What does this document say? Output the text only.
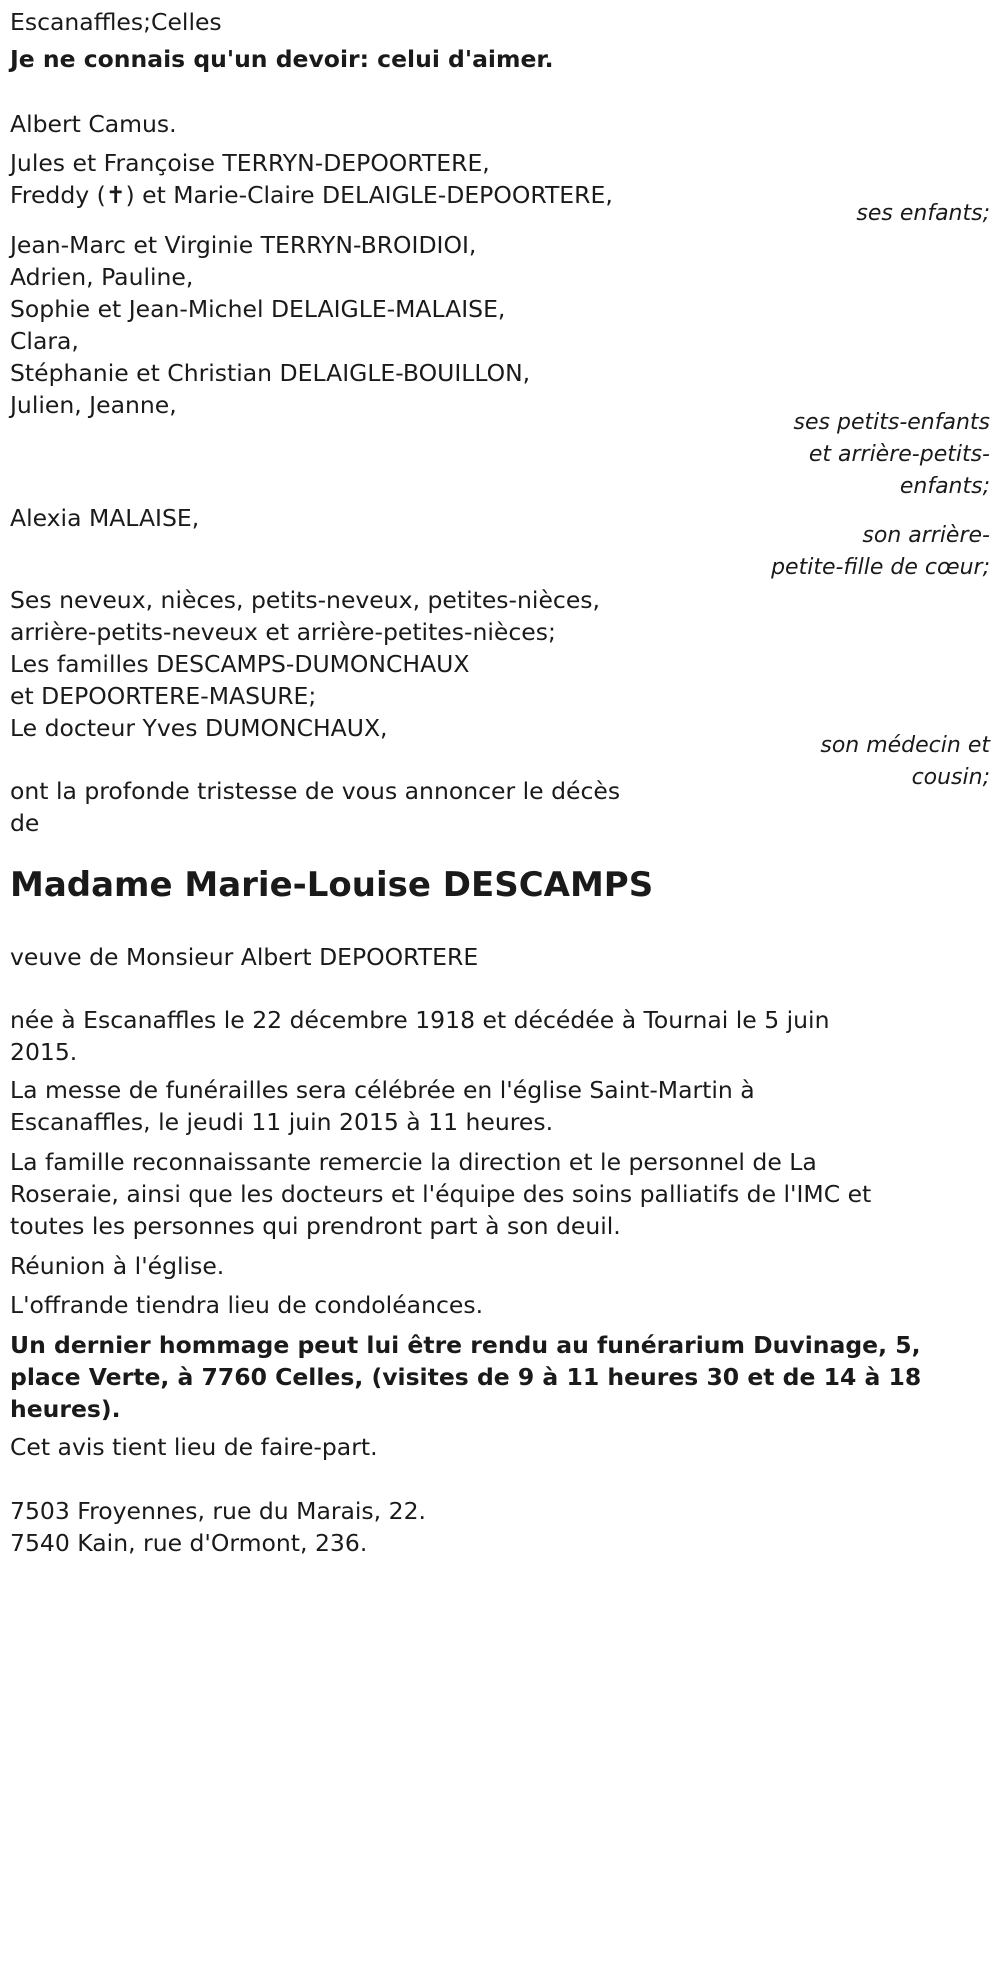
Escanaffles;Celles
Je ne connais qu'un devoir: celui d'aimer.
Albert Camus.
Jules et Françoise TERRYN-DEPOORTERE,
Freddy (✝) et Marie-Claire DELAIGLE-DEPOORTERE,
ses enfants;
Jean-Marc et Virginie TERRYN-BROIDIOI,
Adrien, Pauline,
Sophie et Jean-Michel DELAIGLE-MALAISE,
Clara,
Stéphanie et Christian DELAIGLE-BOUILLON,
Julien, Jeanne,
ses petits-enfants
et arrière-petits-
enfants;
Alexia MALAISE,
son arrière-
petite-fille de cœur;
Ses neveux, nièces, petits-neveux, petites-nièces,
arrière-petits-neveux et arrière-petites-nièces;
Les familles DESCAMPS-DUMONCHAUX
et DEPOORTERE-MASURE;
Le docteur Yves DUMONCHAUX,
son médecin et
cousin;
ont la profonde tristesse de vous annoncer le décès
de
Madame Marie-Louise DESCAMPS
veuve de Monsieur Albert DEPOORTERE
née à Escanaffles le 22 décembre 1918 et décédée à Tournai le 5 juin
2015.
La messe de funérailles sera célébrée en l'église Saint-Martin à
Escanaffles, le jeudi 11 juin 2015 à 11 heures.
La famille reconnaissante remercie la direction et le personnel de La
Roseraie, ainsi que les docteurs et l'équipe des soins palliatifs de l'IMC et
toutes les personnes qui prendront part à son deuil.
Réunion à l'église.
L'offrande tiendra lieu de condoléances.
Un dernier hommage peut lui être rendu au funérarium Duvinage, 5,
place Verte, à 7760 Celles, (visites de 9 à 11 heures 30 et de 14 à 18
heures).
Cet avis tient lieu de faire-part.
7503 Froyennes, rue du Marais, 22.
7540 Kain, rue d'Ormont, 236.
